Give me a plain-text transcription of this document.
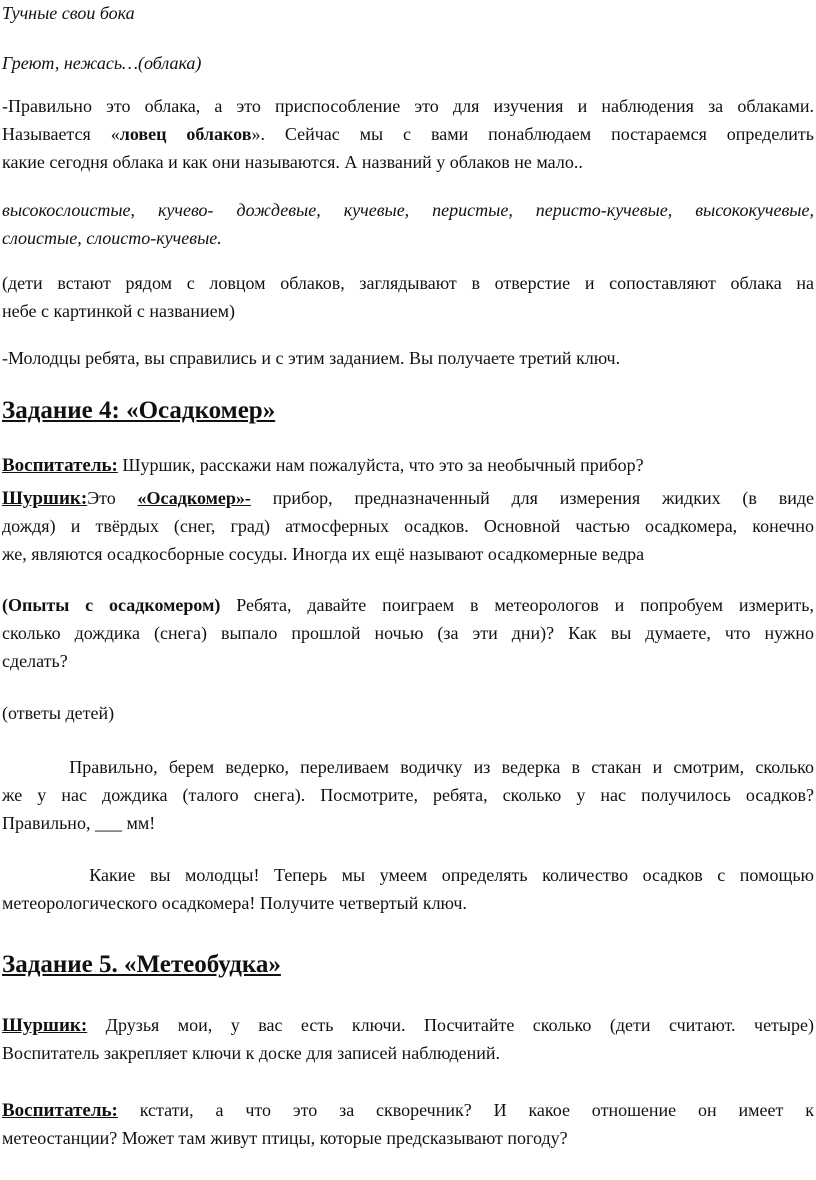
Тучные свои бока
Греют, нежась…(облака)
-Правильно это облака, а это приспособление это для изучения и наблюдения за облаками.
Называется «ловец облаков». Сейчас мы с вами понаблюдаем постараемся определить
какие сегодня облака и как они называются. А названий у облаков не мало..
высокослоистые, кучево- дождевые, кучевые, перистые, перисто-кучевые, высококучевые,
слоистые, слоисто-кучевые.
(дети встают рядом с ловцом облаков, заглядывают в отверстие и сопоставляют облака на
небе с картинкой с названием)
-Молодцы ребята, вы справились и с этим заданием. Вы получаете третий ключ.
Задание 4: «Осадкомер»
Воспитатель: Шуршик, расскажи нам пожалуйста, что это за необычный прибор?
Шуршик:Это «Осадкомер»- прибор, предназначенный для измерения жидких (в виде
дождя) и твёрдых (снег, град) атмосферных осадков. Основной частью осадкомера, конечно
же, являются осадкосборные сосуды. Иногда их ещё называют осадкомерные ведра
(Опыты с осадкомером) Ребята, давайте поиграем в метеорологов и попробуем измерить,
сколько дождика (снега) выпало прошлой ночью (за эти дни)? Как вы думаете, что нужно
сделать?
(ответы детей)
Правильно, берем ведерко, переливаем водичку из ведерка в стакан и смотрим, сколько
же у нас дождика (талого снега). Посмотрите, ребята, сколько у нас получилось осадков?
Правильно, ___ мм!
Какие вы молодцы! Теперь мы умеем определять количество осадков с помощью
метеорологического осадкомера! Получите четвертый ключ.
Задание 5. «Метеобудка»
Шуршик: Друзья мои, у вас есть ключи. Посчитайте сколько (дети считают. четыре)
Воспитатель закрепляет ключи к доске для записей наблюдений.
Воспитатель: кстати, а что это за скворечник? И какое отношение он имеет к
метеостанции? Может там живут птицы, которые предсказывают погоду?
